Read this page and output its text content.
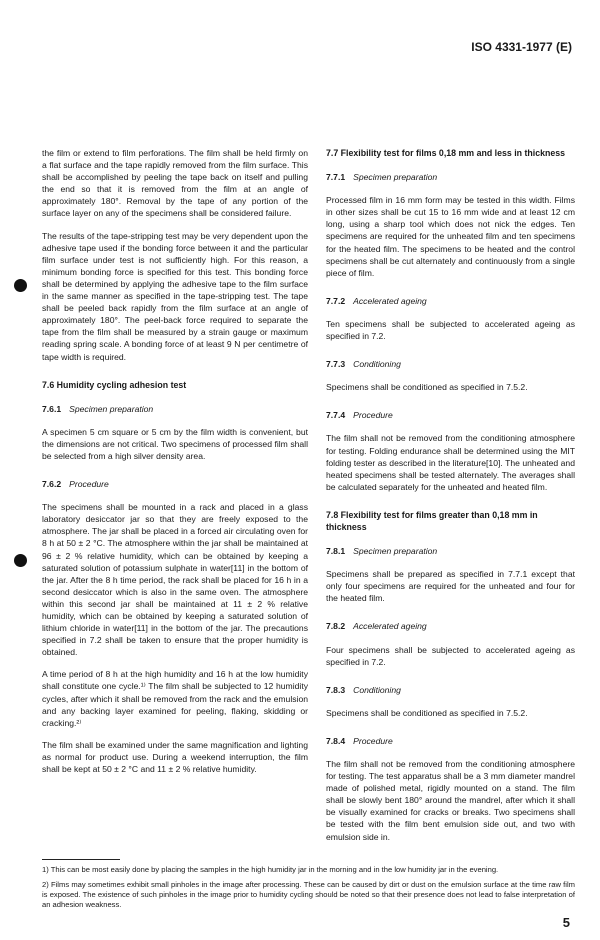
ISO 4331-1977 (E)

the film or extend to film perforations. The film shall be held firmly on a flat surface and the tape rapidly removed from the film surface. This shall be accomplished by peeling the tape back on itself and pulling the end so that it is removed from the film at an angle of approximately 180°. Removal by the tape of any portion of the surface layer on any of the specimens shall be considered failure.

The results of the tape-stripping test may be very dependent upon the adhesive tape used if the bonding force between it and the particular film surface under test is not sufficiently high. For this reason, a minimum bonding force is specified for this test. This bonding force shall be determined by applying the adhesive tape to the film surface in the same manner as specified in the tape-stripping test. The tape shall be peeled back rapidly from the film surface at an angle of approximately 180°. The peel-back force required to separate the tape from the film shall be measured by a strain gauge or maximum reading spring scale. A bonding force of at least 9 N per centimetre of tape width is required.

7.6 Humidity cycling adhesion test
7.6.1 Specimen preparation

A specimen 5 cm square or 5 cm by the film width is convenient, but the dimensions are not critical. Two specimens of processed film shall be selected from a high silver density area.

7.6.2 Procedure

The specimens shall be mounted in a rack and placed in a glass laboratory desiccator jar so that they are freely exposed to the atmosphere. The jar shall be placed in a forced air circulating oven for 8 h at 50 ± 2 °C. The atmosphere within the jar shall be maintained at 96 ± 2 % relative humidity, which can be obtained by keeping a saturated solution of potassium sulphate in water[11] in the bottom of the jar. After the 8 h time period, the rack shall be placed for 16 h in a second desiccator which is also in the same oven. The atmosphere within this second jar shall be maintained at 11 ± 2 % relative humidity, which can be obtained by keeping a saturated solution of lithium chloride in water[11] in the bottom of the jar. The precautions specified in 7.2 shall be taken to ensure that the proper humidity is obtained.

A time period of 8 h at the high humidity and 16 h at the low humidity shall constitute one cycle.¹⁾ The film shall be subjected to 12 humidity cycles, after which it shall be removed from the rack and the emulsion and any backing layer examined for peeling, flaking, skidding or cracking.²⁾

The film shall be examined under the same magnification and lighting as normal for product use. During a weekend interruption, the film shall be kept at 50 ± 2 °C and 11 ± 2 % relative humidity.

7.7 Flexibility test for films 0,18 mm and less in thickness
7.7.1 Specimen preparation

Processed film in 16 mm form may be tested in this width. Films in other sizes shall be cut 15 to 16 mm wide and at least 12 cm long, using a sharp tool which does not nick the edges. Ten specimens are required for the unheated film and ten specimens for the heated film. The specimens to be heated and the control specimens shall be cut alternately and continuously from a single piece of film.

7.7.2 Accelerated ageing

Ten specimens shall be subjected to accelerated ageing as specified in 7.2.

7.7.3 Conditioning

Specimens shall be conditioned as specified in 7.5.2.

7.7.4 Procedure

The film shall not be removed from the conditioning atmosphere for testing. Folding endurance shall be determined using the MIT folding tester as described in the literature[10]. The unheated and heated specimens shall be tested alternately. The averages shall be calculated separately for the unheated and heated film.

7.8 Flexibility test for films greater than 0,18 mm in thickness
7.8.1 Specimen preparation

Specimens shall be prepared as specified in 7.7.1 except that only four specimens are required for the unheated and four for the heated film.

7.8.2 Accelerated ageing

Four specimens shall be subjected to accelerated ageing as specified in 7.2.

7.8.3 Conditioning

Specimens shall be conditioned as specified in 7.5.2.

7.8.4 Procedure

The film shall not be removed from the conditioning atmosphere for testing. The test apparatus shall be a 3 mm diameter mandrel made of polished metal, rigidly mounted on a stand. The film shall be slowly bent 180° around the mandrel, after which it shall be visually examined for cracks or breaks. Two specimens shall be tested with the film bent emulsion side out, and two with emulsion side in.

1) This can be most easily done by placing the samples in the high humidity jar in the morning and in the low humidity jar in the evening.

2) Films may sometimes exhibit small pinholes in the image after processing. These can be caused by dirt or dust on the emulsion surface at the time raw film is exposed. The existence of such pinholes in the image prior to humidity cycling should be noted so that their presence does not lead to false interpretation of an adhesion weakness.

5
